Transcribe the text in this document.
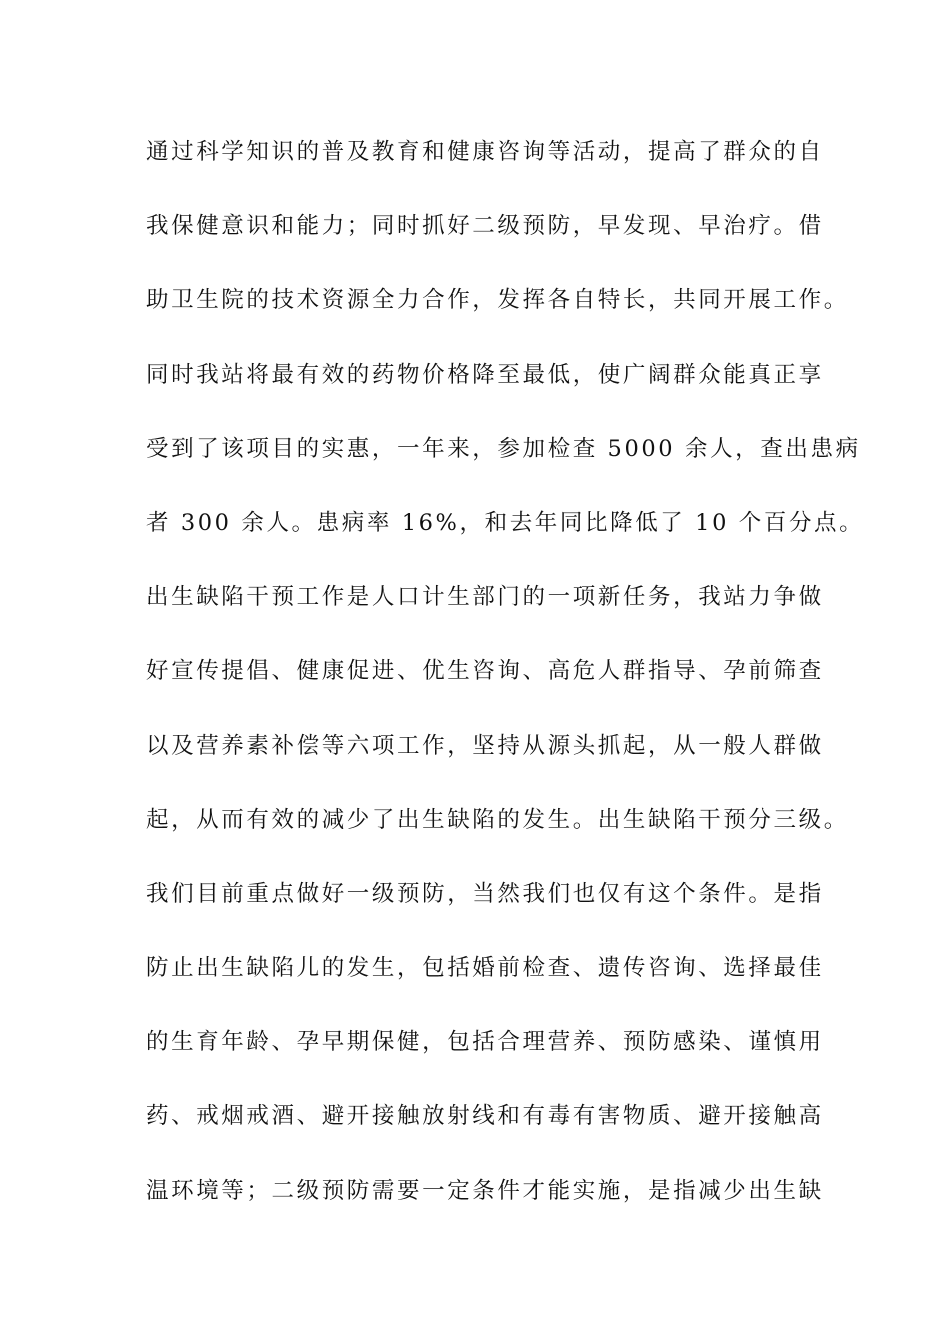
通过科学知识的普及教育和健康咨询等活动，提高了群众的自
我保健意识和能力；同时抓好二级预防，早发现、早治疗。借
助卫生院的技术资源全力合作，发挥各自特长，共同开展工作。
同时我站将最有效的药物价格降至最低，使广阔群众能真正享
受到了该项目的实惠，一年来，参加检查 5000 余人，查出患病
者 300 余人。患病率 16%，和去年同比降低了 10 个百分点。
出生缺陷干预工作是人口计生部门的一项新任务，我站力争做
好宣传提倡、健康促进、优生咨询、高危人群指导、孕前筛查
以及营养素补偿等六项工作，坚持从源头抓起，从一般人群做
起，从而有效的减少了出生缺陷的发生。出生缺陷干预分三级。
我们目前重点做好一级预防，当然我们也仅有这个条件。是指
防止出生缺陷儿的发生，包括婚前检查、遗传咨询、选择最佳
的生育年龄、孕早期保健，包括合理营养、预防感染、谨慎用
药、戒烟戒酒、避开接触放射线和有毒有害物质、避开接触高
温环境等；二级预防需要一定条件才能实施，是指减少出生缺
